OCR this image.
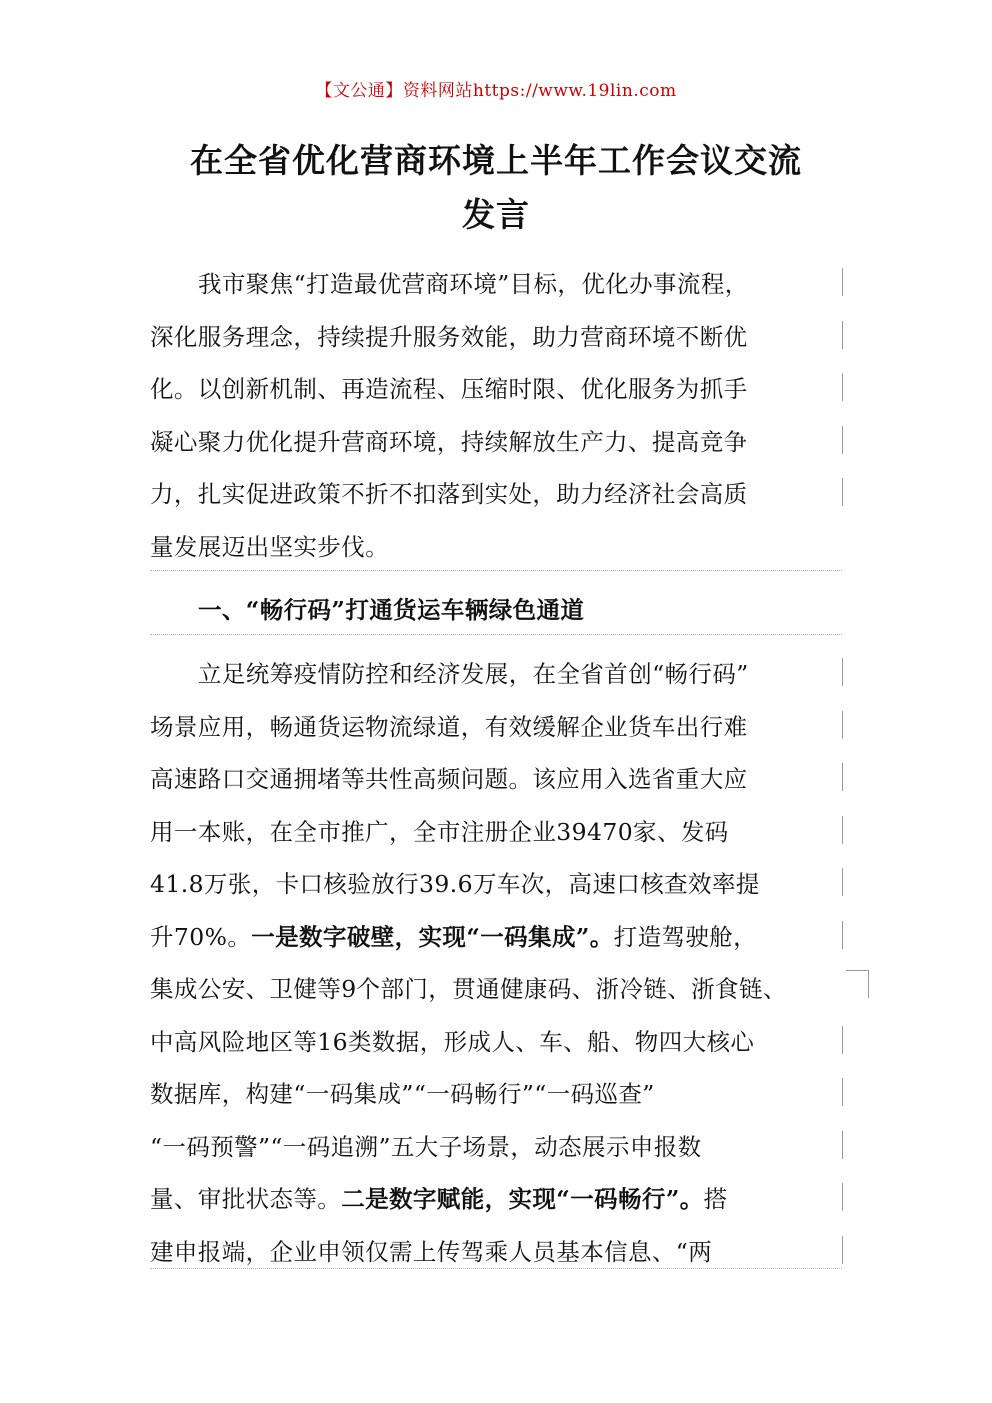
【文公通】资料网站https://www.19lin.com
在全省优化营商环境上半年工作会议交流
发言
我市聚焦“打造最优营商环境”目标，优化办事流程，
深化服务理念，持续提升服务效能，助力营商环境不断优
化。以创新机制、再造流程、压缩时限、优化服务为抓手
凝心聚力优化提升营商环境，持续解放生产力、提高竞争
力，扎实促进政策不折不扣落到实处，助力经济社会高质
量发展迈出坚实步伐。
一、“畅行码”打通货运车辆绿色通道
立足统筹疫情防控和经济发展，在全省首创“畅行码”
场景应用，畅通货运物流绿道，有效缓解企业货车出行难
高速路口交通拥堵等共性高频问题。该应用入选省重大应
用一本账，在全市推广，全市注册企业39470家、发码
41.8万张，卡口核验放行39.6万车次，高速口核查效率提
升70%。一是数字破壁，实现“一码集成”。打造驾驶舱，
集成公安、卫健等9个部门，贯通健康码、浙冷链、浙食链、
中高风险地区等16类数据，形成人、车、船、物四大核心
数据库，构建“一码集成”“一码畅行”“一码巡查”
“一码预警”“一码追溯”五大子场景，动态展示申报数
量、审批状态等。二是数字赋能，实现“一码畅行”。搭
建申报端，企业申领仅需上传驾乘人员基本信息、“两
